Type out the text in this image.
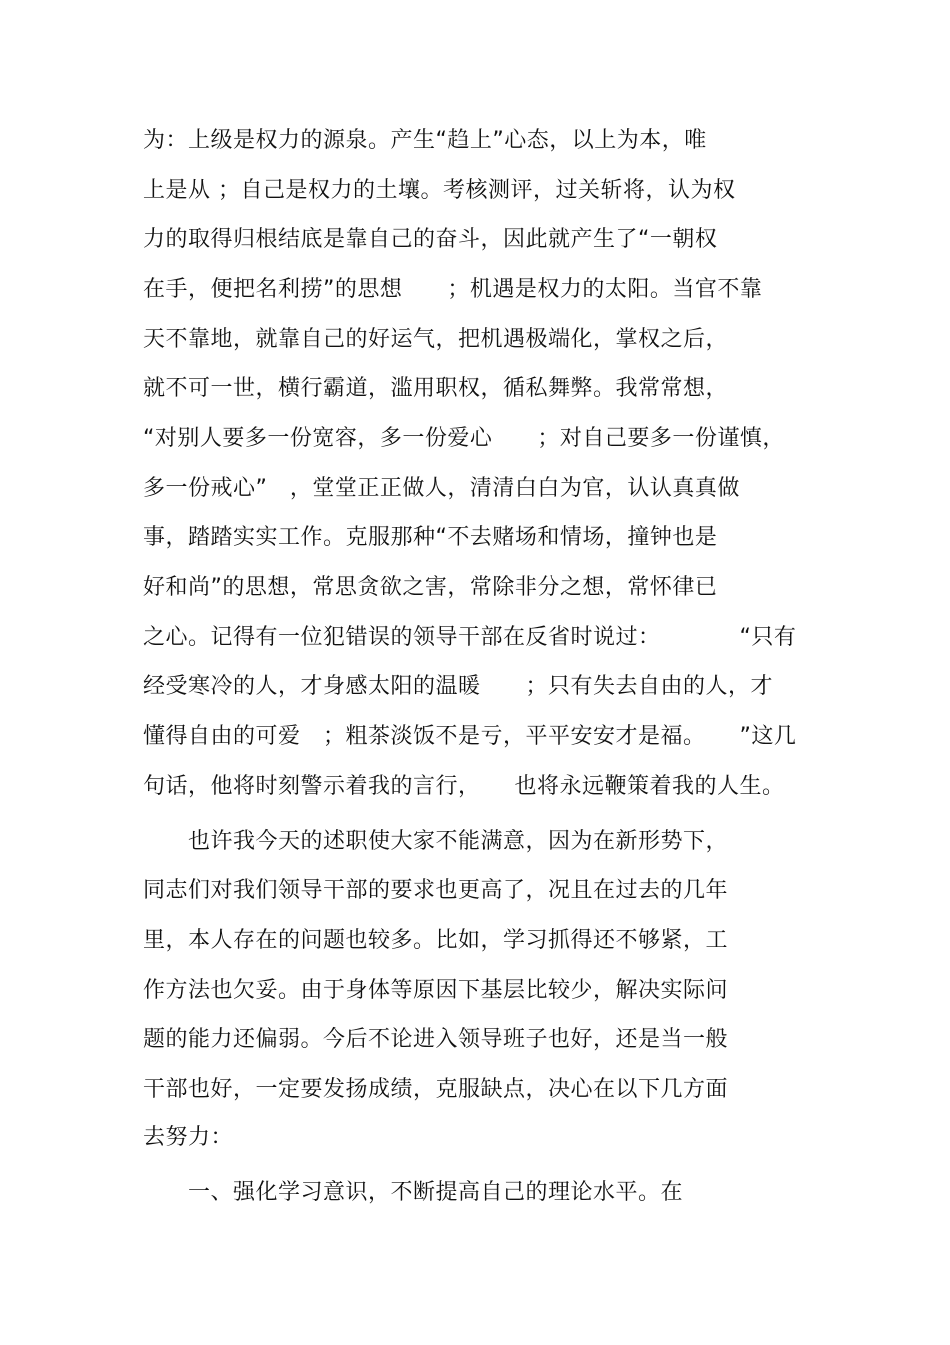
为：上级是权力的源泉。产生“趋上”心态，以上为本，唯
上是从 ；自己是权力的土壤。考核测评，过关斩将，认为权
力的取得归根结底是靠自己的奋斗，因此就产生了“一朝权
在手，便把名利捞”的思想　　；机遇是权力的太阳。当官不靠
天不靠地，就靠自己的好运气，把机遇极端化，掌权之后，
就不可一世，横行霸道，滥用职权，循私舞弊。我常常想，
“对别人要多一份宽容，多一份爱心　　；对自己要多一份谨慎，
多一份戒心”　，堂堂正正做人，清清白白为官，认认真真做
事，踏踏实实工作。克服那种“不去赌场和情场，撞钟也是
好和尚”的思想，常思贪欲之害，常除非分之想，常怀律已
之心。记得有一位犯错误的领导干部在反省时说过：　　　　“只有
经受寒冷的人，才身感太阳的温暖　　；只有失去自由的人，才
懂得自由的可爱　；粗茶淡饭不是亏，平平安安才是福。　　”这几
句话，他将时刻警示着我的言行，　　也将永远鞭策着我的人生。
　　也许我今天的述职使大家不能满意，因为在新形势下，
同志们对我们领导干部的要求也更高了，况且在过去的几年
里，本人存在的问题也较多。比如，学习抓得还不够紧，工
作方法也欠妥。由于身体等原因下基层比较少，解决实际问
题的能力还偏弱。今后不论进入领导班子也好，还是当一般
干部也好，一定要发扬成绩，克服缺点，决心在以下几方面
去努力：
　　一、强化学习意识，不断提高自己的理论水平。在
